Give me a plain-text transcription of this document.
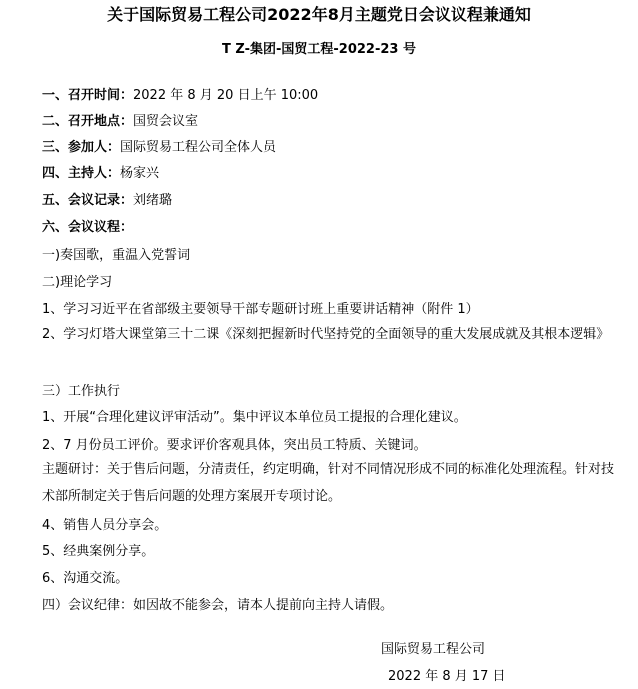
关于国际贸易工程公司2022年8月主题党日会议议程兼通知
T Z-集团-国贸工程-2022-23 号
一、召开时间：2022 年 8 月 20 日上午 10:00
二、召开地点：国贸会议室
三、参加人：国际贸易工程公司全体人员
四、主持人：杨家兴
五、会议记录：刘绪璐
六、会议议程：
一)奏国歌，重温入党誓词
二)理论学习
1、学习习近平在省部级主要领导干部专题研讨班上重要讲话精神（附件 1）
2、学习灯塔大课堂第三十二课《深刻把握新时代坚持党的全面领导的重大发展成就及其根本逻辑》
三）工作执行
1、开展“合理化建议评审活动”。集中评议本单位员工提报的合理化建议。
2、7 月份员工评价。要求评价客观具体，突出员工特质、关键词。
主题研讨：关于售后问题，分清责任，约定明确，针对不同情况形成不同的标准化处理流程。针对技术部所制定关于售后问题的处理方案展开专项讨论。
4、销售人员分享会。
5、经典案例分享。
6、沟通交流。
四）会议纪律：如因故不能参会，请本人提前向主持人请假。
国际贸易工程公司
2022 年 8 月 17 日
